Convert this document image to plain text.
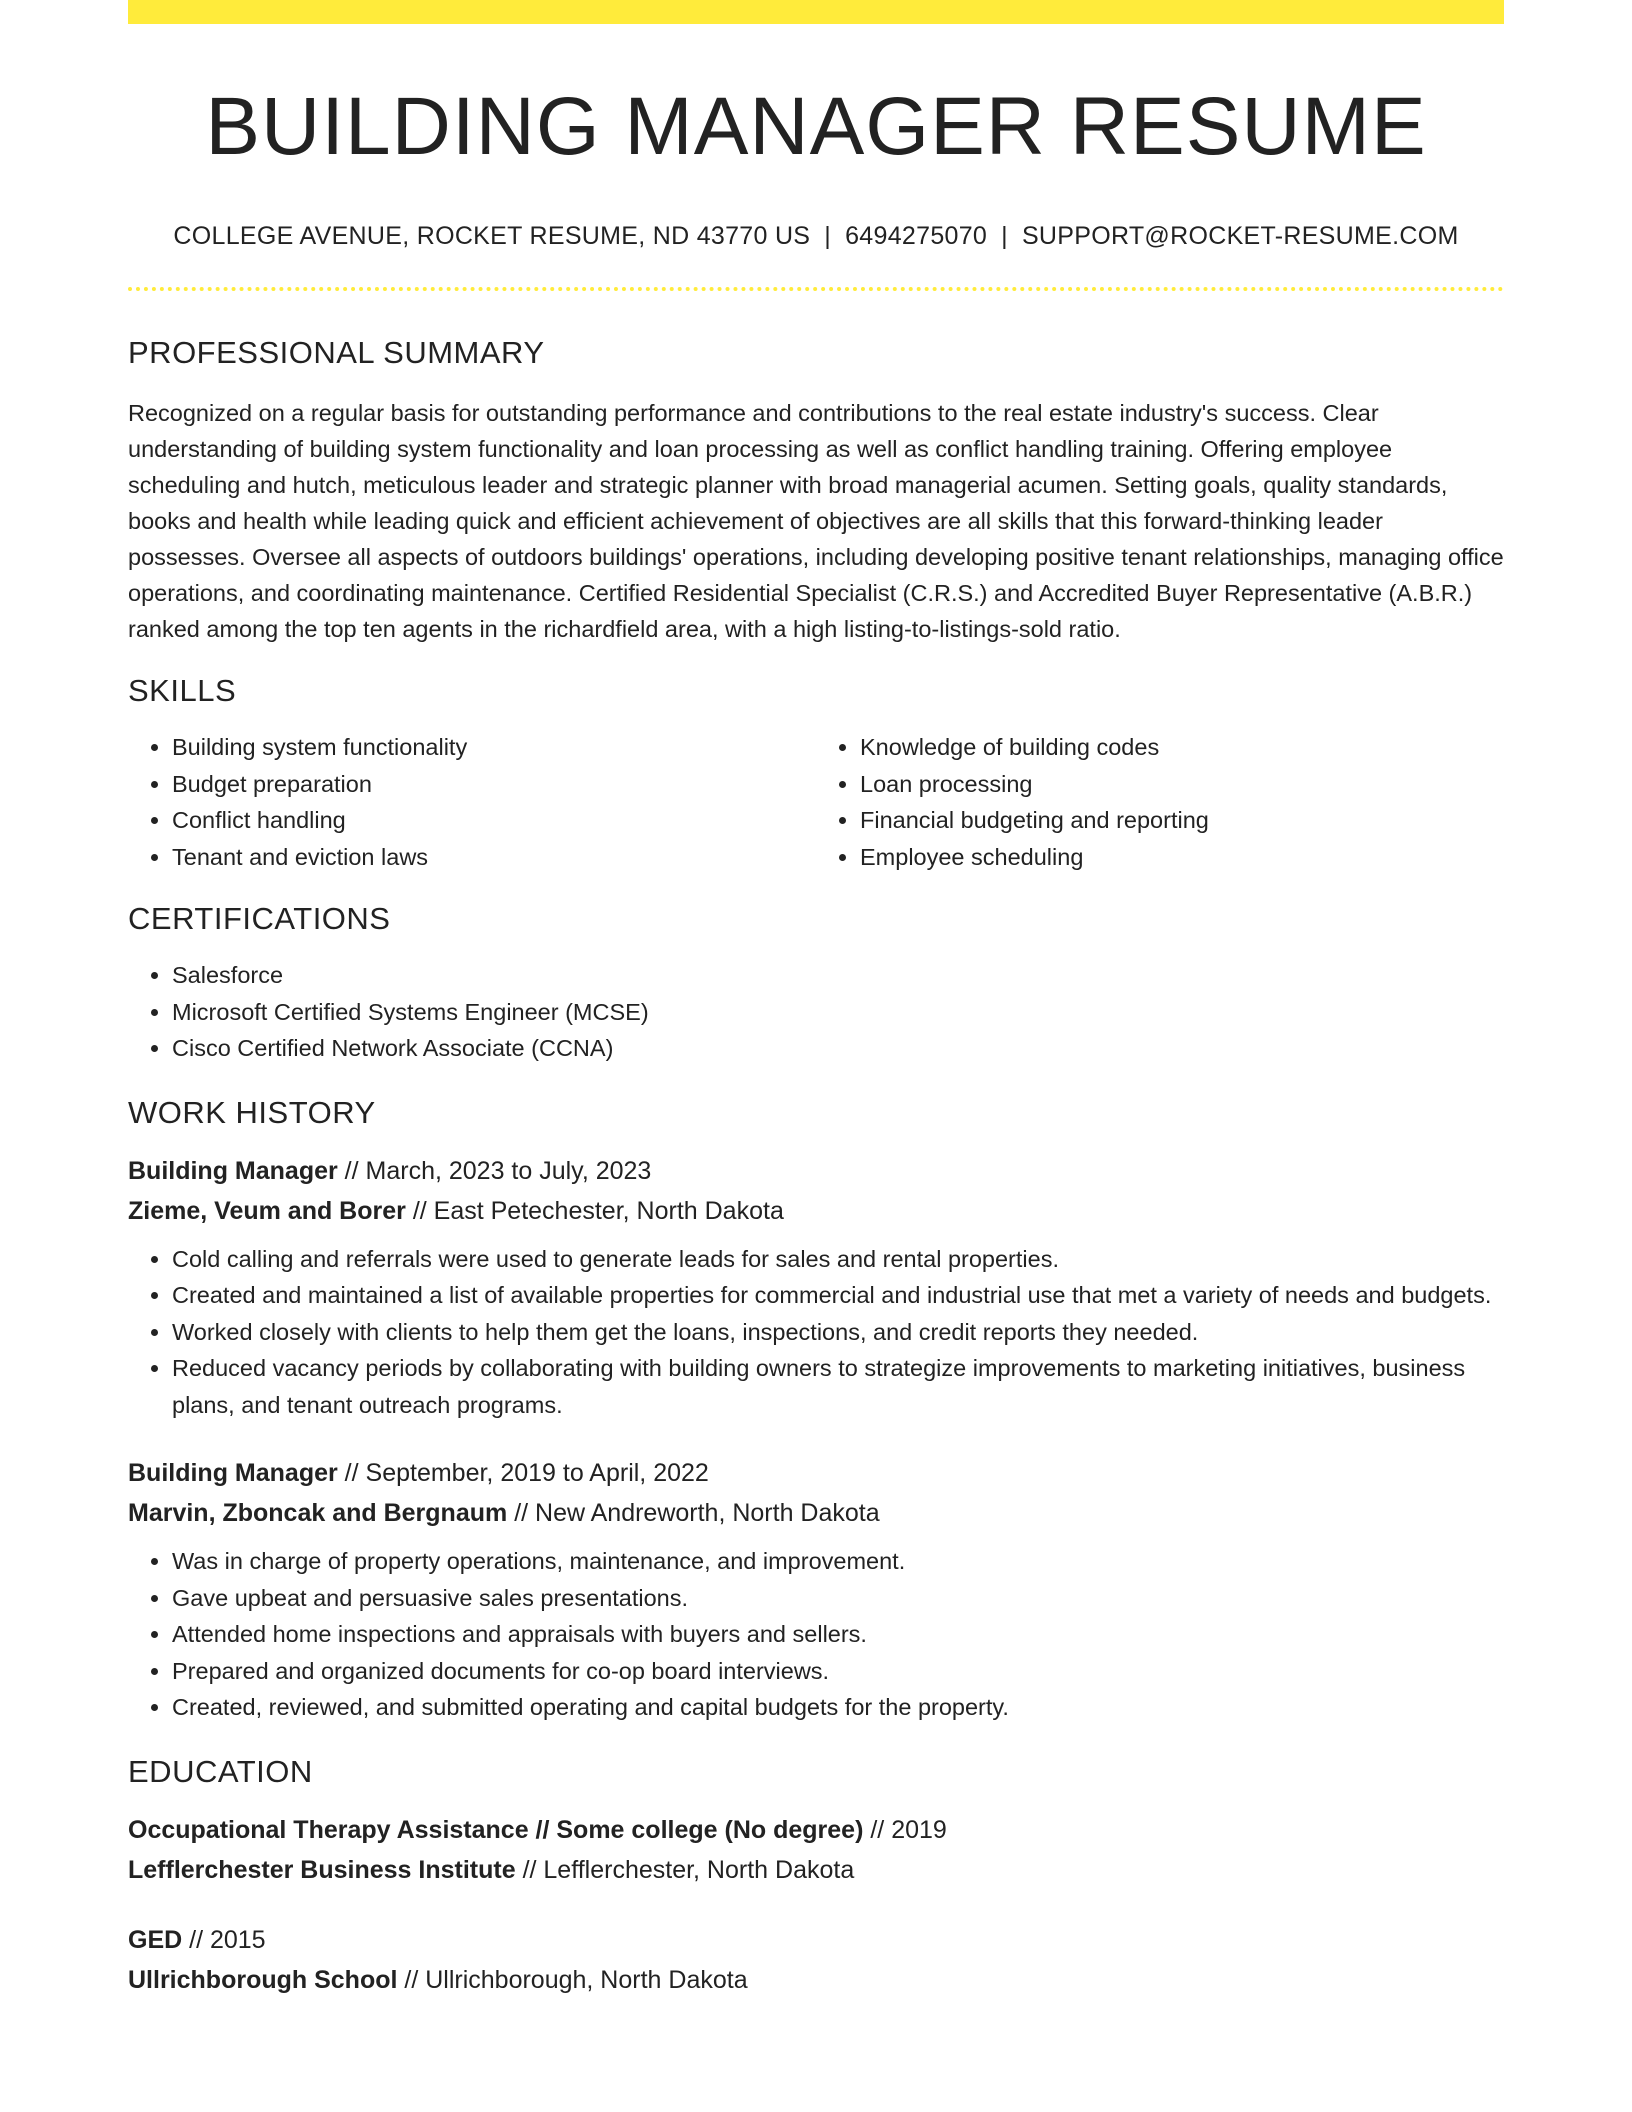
BUILDING MANAGER RESUME
COLLEGE AVENUE, ROCKET RESUME, ND 43770 US | 6494275070 | SUPPORT@ROCKET-RESUME.COM
PROFESSIONAL SUMMARY

Recognized on a regular basis for outstanding performance and contributions to the real estate industry's success. Clear understanding of building system functionality and loan processing as well as conflict handling training. Offering employee scheduling and hutch, meticulous leader and strategic planner with broad managerial acumen. Setting goals, quality standards, books and health while leading quick and efficient achievement of objectives are all skills that this forward-thinking leader possesses. Oversee all aspects of outdoors buildings' operations, including developing positive tenant relationships, managing office operations, and coordinating maintenance. Certified Residential Specialist (C.R.S.) and Accredited Buyer Representative (A.B.R.) ranked among the top ten agents in the richardfield area, with a high listing-to-listings-sold ratio.

SKILLS
• Building system functionality
• Budget preparation
• Conflict handling
• Tenant and eviction laws
• Knowledge of building codes
• Loan processing
• Financial budgeting and reporting
• Employee scheduling
CERTIFICATIONS
• Salesforce
• Microsoft Certified Systems Engineer (MCSE)
• Cisco Certified Network Associate (CCNA)
WORK HISTORY
Building Manager // March, 2023 to July, 2023
Zieme, Veum and Borer // East Petechester, North Dakota
• Cold calling and referrals were used to generate leads for sales and rental properties.
• Created and maintained a list of available properties for commercial and industrial use that met a variety of needs and budgets.
• Worked closely with clients to help them get the loans, inspections, and credit reports they needed.
• Reduced vacancy periods by collaborating with building owners to strategize improvements to marketing initiatives, business plans, and tenant outreach programs.
Building Manager // September, 2019 to April, 2022
Marvin, Zboncak and Bergnaum // New Andreworth, North Dakota
• Was in charge of property operations, maintenance, and improvement.
• Gave upbeat and persuasive sales presentations.
• Attended home inspections and appraisals with buyers and sellers.
• Prepared and organized documents for co-op board interviews.
• Created, reviewed, and submitted operating and capital budgets for the property.
EDUCATION
Occupational Therapy Assistance // Some college (No degree) // 2019
Lefflerchester Business Institute // Lefflerchester, North Dakota
GED // 2015
Ullrichborough School // Ullrichborough, North Dakota
